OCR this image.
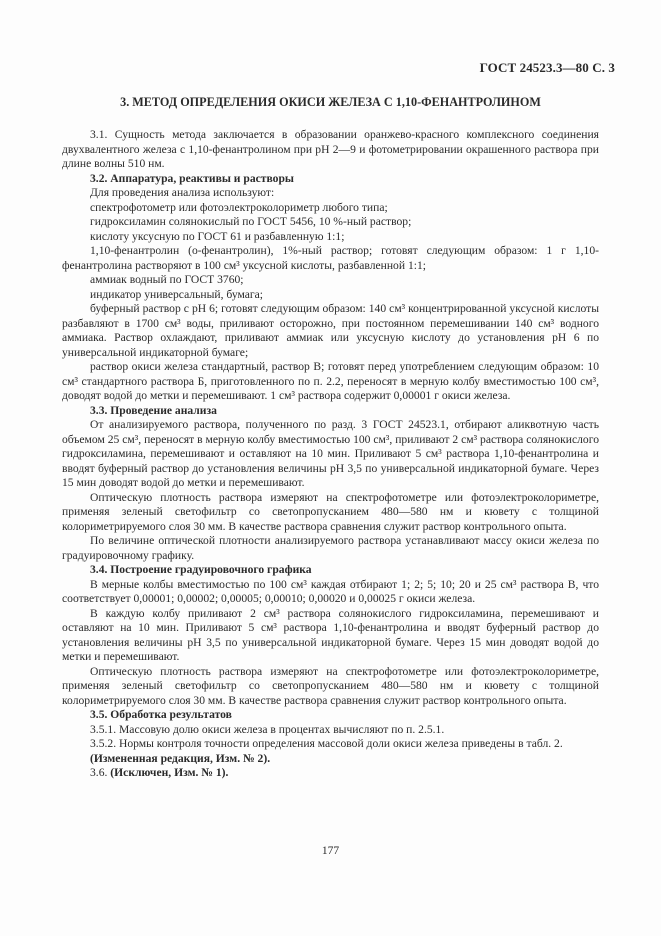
ГОСТ 24523.3—80 С. 3
3. МЕТОД ОПРЕДЕЛЕНИЯ ОКИСИ ЖЕЛЕЗА С 1,10-ФЕНАНТРОЛИНОМ

3.1. Сущность метода заключается в образовании оранжево-красного комплексного соединения двухвалентного железа с 1,10-фенантролином при pH 2—9 и фотометрировании окрашенного раствора при длине волны 510 нм.

3.2. Аппаратура, реактивы и растворы

Для проведения анализа используют:

спектрофотометр или фотоэлектроколориметр любого типа;

гидроксиламин солянокислый по ГОСТ 5456, 10 %-ный раствор;

кислоту уксусную по ГОСТ 61 и разбавленную 1:1;

1,10-фенантролин (o-фенантролин), 1%-ный раствор; готовят следующим образом: 1 г 1,10-фенантролина растворяют в 100 см³ уксусной кислоты, разбавленной 1:1;

аммиак водный по ГОСТ 3760;

индикатор универсальный, бумага;

буферный раствор с pH 6; готовят следующим образом: 140 см³ концентрированной уксусной кислоты разбавляют в 1700 см³ воды, приливают осторожно, при постоянном перемешивании 140 см³ водного аммиака. Раствор охлаждают, приливают аммиак или уксусную кислоту до установления pH 6 по универсальной индикаторной бумаге;

раствор окиси железа стандартный, раствор В; готовят перед употреблением следующим образом: 10 см³ стандартного раствора Б, приготовленного по п. 2.2, переносят в мерную колбу вместимостью 100 см³, доводят водой до метки и перемешивают. 1 см³ раствора содержит 0,00001 г окиси железа.

3.3. Проведение анализа

От анализируемого раствора, полученного по разд. 3 ГОСТ 24523.1, отбирают аликвотную часть объемом 25 см³, переносят в мерную колбу вместимостью 100 см³, приливают 2 см³ раствора солянокислого гидроксиламина, перемешивают и оставляют на 10 мин. Приливают 5 см³ раствора 1,10-фенантролина и вводят буферный раствор до установления величины pH 3,5 по универсальной индикаторной бумаге. Через 15 мин доводят водой до метки и перемешивают.

Оптическую плотность раствора измеряют на спектрофотометре или фотоэлектроколориметре, применяя зеленый светофильтр со светопропусканием 480—580 нм и кювету с толщиной колориметрируемого слоя 30 мм. В качестве раствора сравнения служит раствор контрольного опыта.

По величине оптической плотности анализируемого раствора устанавливают массу окиси железа по градуировочному графику.

3.4. Построение градуировочного графика

В мерные колбы вместимостью по 100 см³ каждая отбирают 1; 2; 5; 10; 20 и 25 см³ раствора В, что соответствует 0,00001; 0,00002; 0,00005; 0,00010; 0,00020 и 0,00025 г окиси железа.

В каждую колбу приливают 2 см³ раствора солянокислого гидроксиламина, перемешивают и оставляют на 10 мин. Приливают 5 см³ раствора 1,10-фенантролина и вводят буферный раствор до установления величины pH 3,5 по универсальной индикаторной бумаге. Через 15 мин доводят водой до метки и перемешивают.

Оптическую плотность раствора измеряют на спектрофотометре или фотоэлектроколориметре, применяя зеленый светофильтр со светопропусканием 480—580 нм и кювету с толщиной колориметрируемого слоя 30 мм. В качестве раствора сравнения служит раствор контрольного опыта.

3.5. Обработка результатов

3.5.1. Массовую долю окиси железа в процентах вычисляют по п. 2.5.1.

3.5.2. Нормы контроля точности определения массовой доли окиси железа приведены в табл. 2.

(Измененная редакция, Изм. № 2).

3.6. (Исключен, Изм. № 1).

177
